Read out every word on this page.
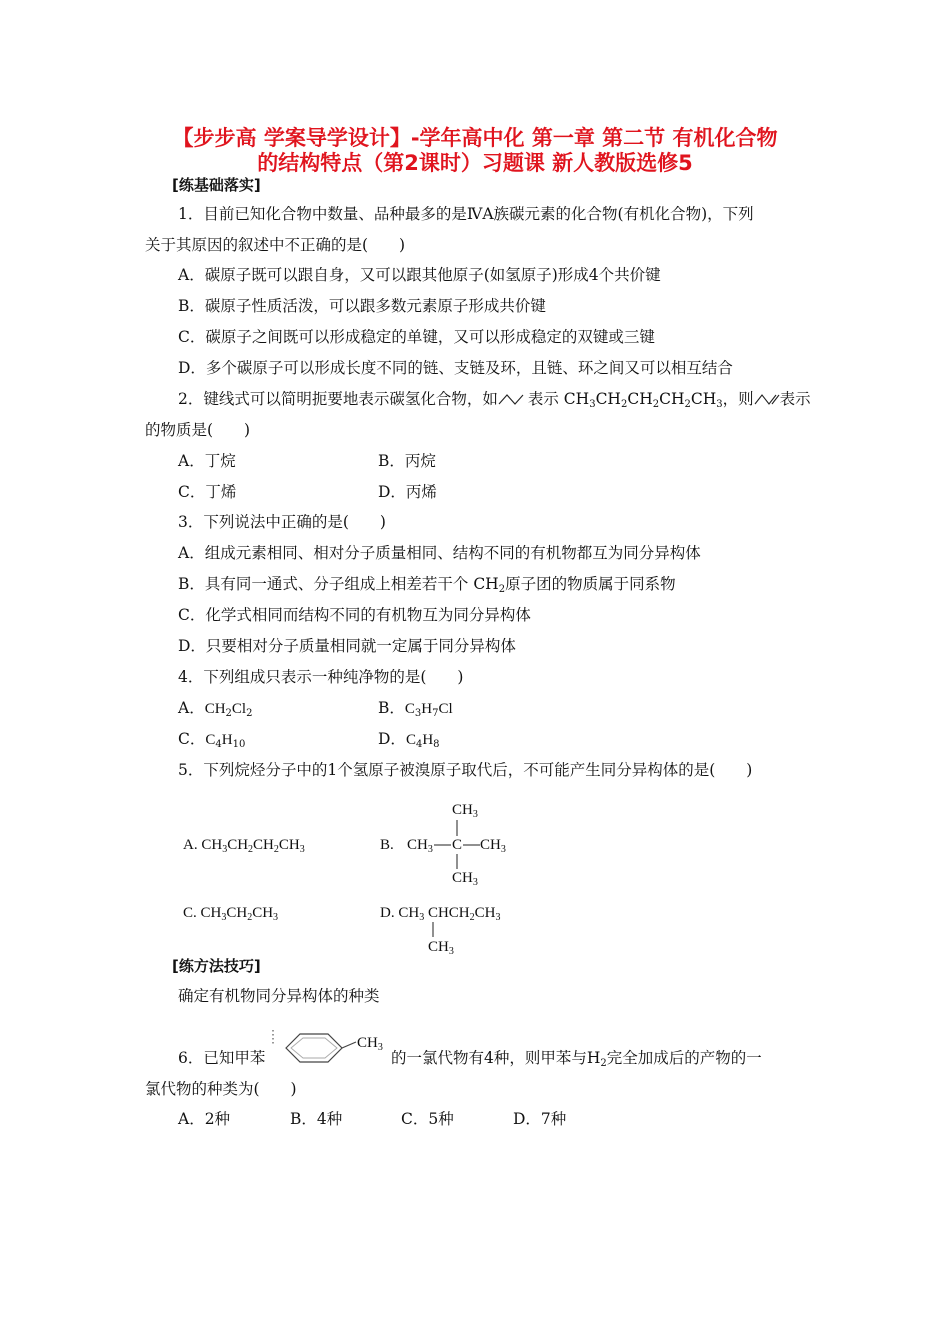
【步步高 学案导学设计】-学年高中化 第一章 第二节 有机化合物
的结构特点（第2课时）习题课 新人教版选修5
[练基础落实]
1．目前已知化合物中数量、品种最多的是ⅣA族碳元素的化合物(有机化合物)，下列
关于其原因的叙述中不正确的是(　　)
A．碳原子既可以跟自身，又可以跟其他原子(如氢原子)形成4个共价键
B．碳原子性质活泼，可以跟多数元素原子形成共价键
C．碳原子之间既可以形成稳定的单键，又可以形成稳定的双键或三键
D．多个碳原子可以形成长度不同的链、支链及环，且链、环之间又可以相互结合
2．键线式可以简明扼要地表示碳氢化合物，如 表示 $CH_3CH_2CH_2CH_2CH_3$，则 表示
的物质是(　　)
A．丁烷	B．丙烷
C．丁烯	D．丙烯
3．下列说法中正确的是(　　)
A．组成元素相同、相对分子质量相同、结构不同的有机物都互为同分异构体
B．具有同一通式、分子组成上相差若干个 $CH_2$原子团的物质属于同系物
C．化学式相同而结构不同的有机物互为同分异构体
D．只要相对分子质量相同就一定属于同分异构体
4．下列组成只表示一种纯净物的是(　　)
A．$CH_2Cl_2$	B．$C_3H_7Cl$
C．$C_4H_{10}$	D．$C_4H_8$
5．下列烷烃分子中的1个氢原子被溴原子取代后，不可能产生同分异构体的是(　　)
A. $CH_3CH_2CH_2CH_3$	B.
$CH_3$
$CH_3$ C $CH_3$
$CH_3$
C. $CH_3CH_2CH_3$	D. $CH_3$ $CHCH_2CH_3$
$CH_3$
[练方法技巧]
确定有机物同分异构体的种类
6．已知甲苯
$CH_3$
的一氯代物有4种，则甲苯与$H_2$完全加成后的产物的一
氯代物的种类为(　　)
A．2种	B．4种	C．5种	D．7种
